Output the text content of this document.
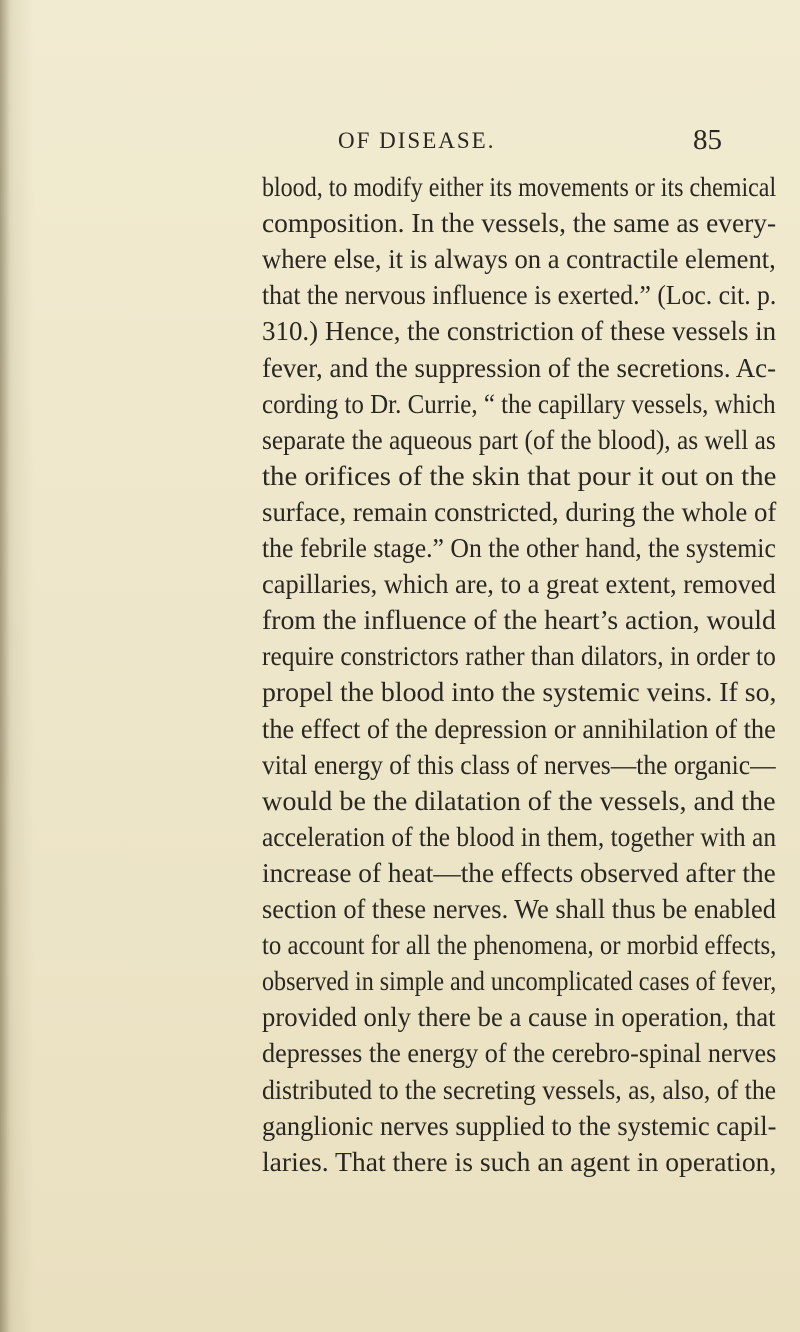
OF DISEASE.	85
blood, to modify either its movements or its chemical
composition. In the vessels, the same as every-
where else, it is always on a contractile element,
that the nervous influence is exerted.” (Loc. cit. p.
310.) Hence, the constriction of these vessels in
fever, and the suppression of the secretions. Ac-
cording to Dr. Currie, “ the capillary vessels, which
separate the aqueous part (of the blood), as well as
the orifices of the skin that pour it out on the
surface, remain constricted, during the whole of
the febrile stage.” On the other hand, the systemic
capillaries, which are, to a great extent, removed
from the influence of the heart’s action, would
require constrictors rather than dilators, in order to
propel the blood into the systemic veins. If so,
the effect of the depression or annihilation of the
vital energy of this class of nerves—the organic—
would be the dilatation of the vessels, and the
acceleration of the blood in them, together with an
increase of heat—the effects observed after the
section of these nerves. We shall thus be enabled
to account for all the phenomena, or morbid effects,
observed in simple and uncomplicated cases of fever,
provided only there be a cause in operation, that
depresses the energy of the cerebro-spinal nerves
distributed to the secreting vessels, as, also, of the
ganglionic nerves supplied to the systemic capil-
laries. That there is such an agent in operation,
